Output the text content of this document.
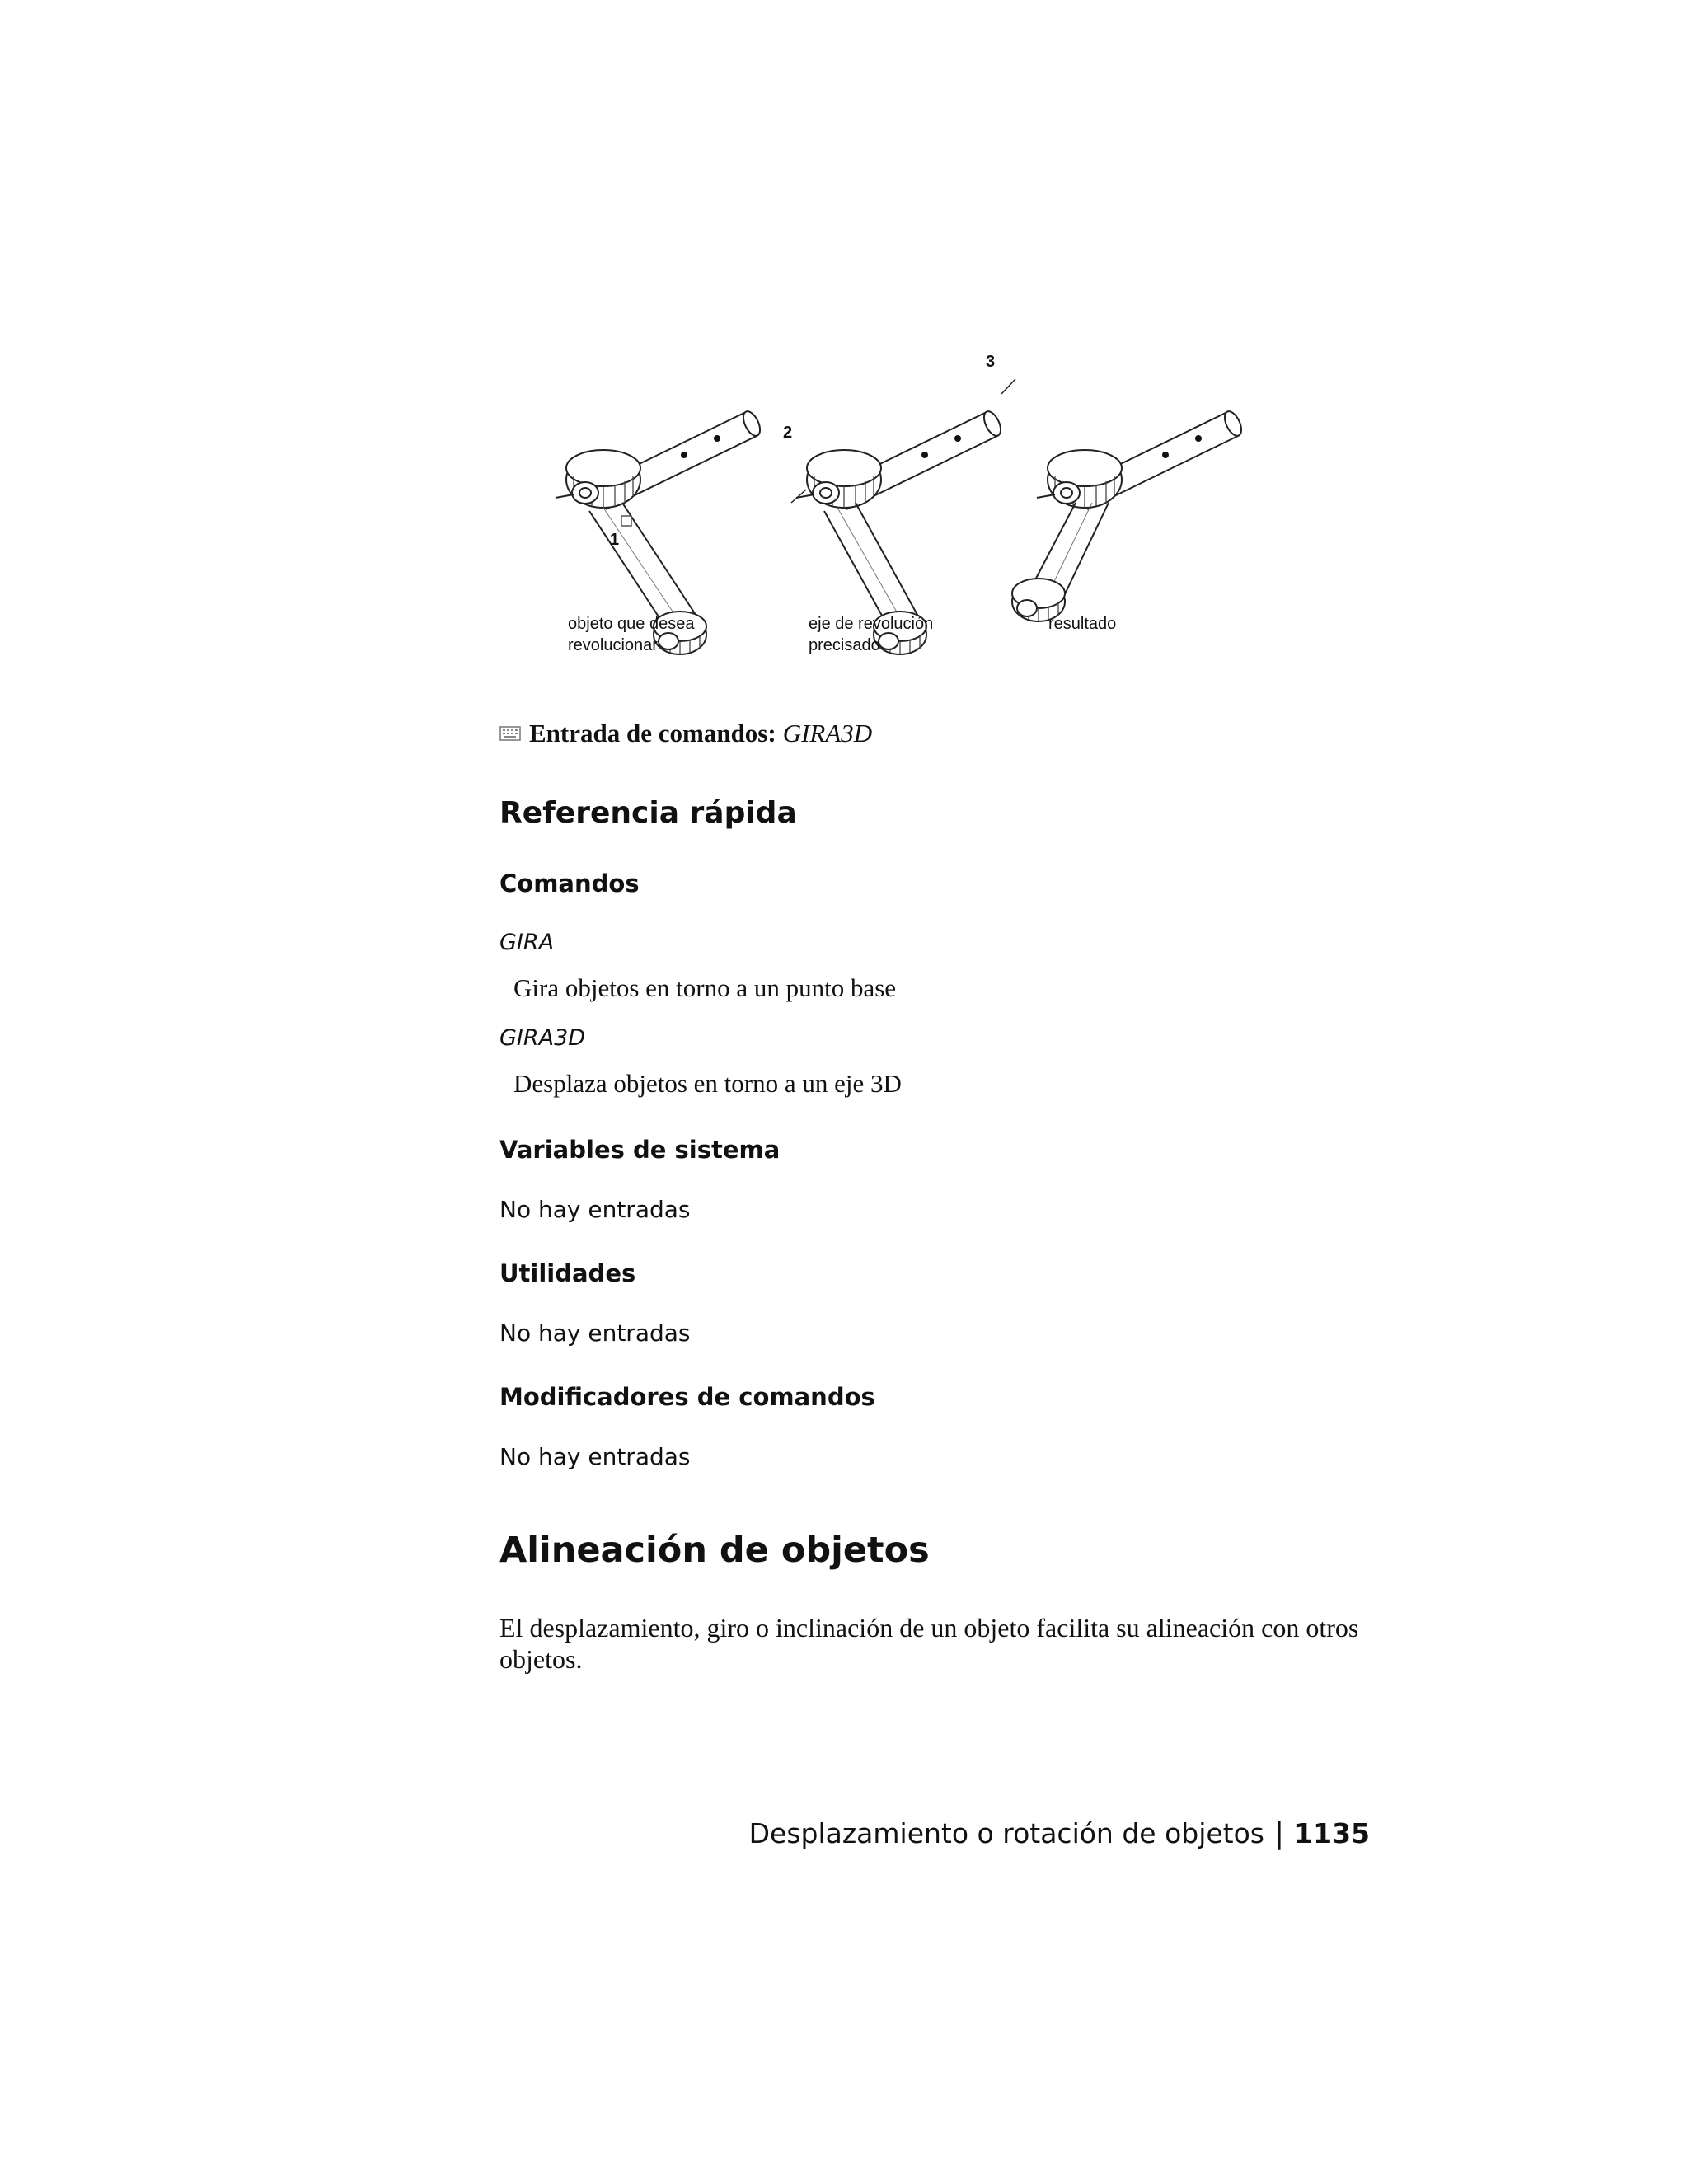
1
2
3
objeto que desea
revolucionar
eje de revolución
precisado
resultado
Entrada de comandos: GIRA3D
Referencia rápida
Comandos
GIRA
Gira objetos en torno a un punto base
GIRA3D
Desplaza objetos en torno a un eje 3D
Variables de sistema
No hay entradas
Utilidades
No hay entradas
Modificadores de comandos
No hay entradas
Alineación de objetos
El desplazamiento, giro o inclinación de un objeto facilita su alineación con otros objetos.
Desplazamiento o rotación de objetos | 1135
